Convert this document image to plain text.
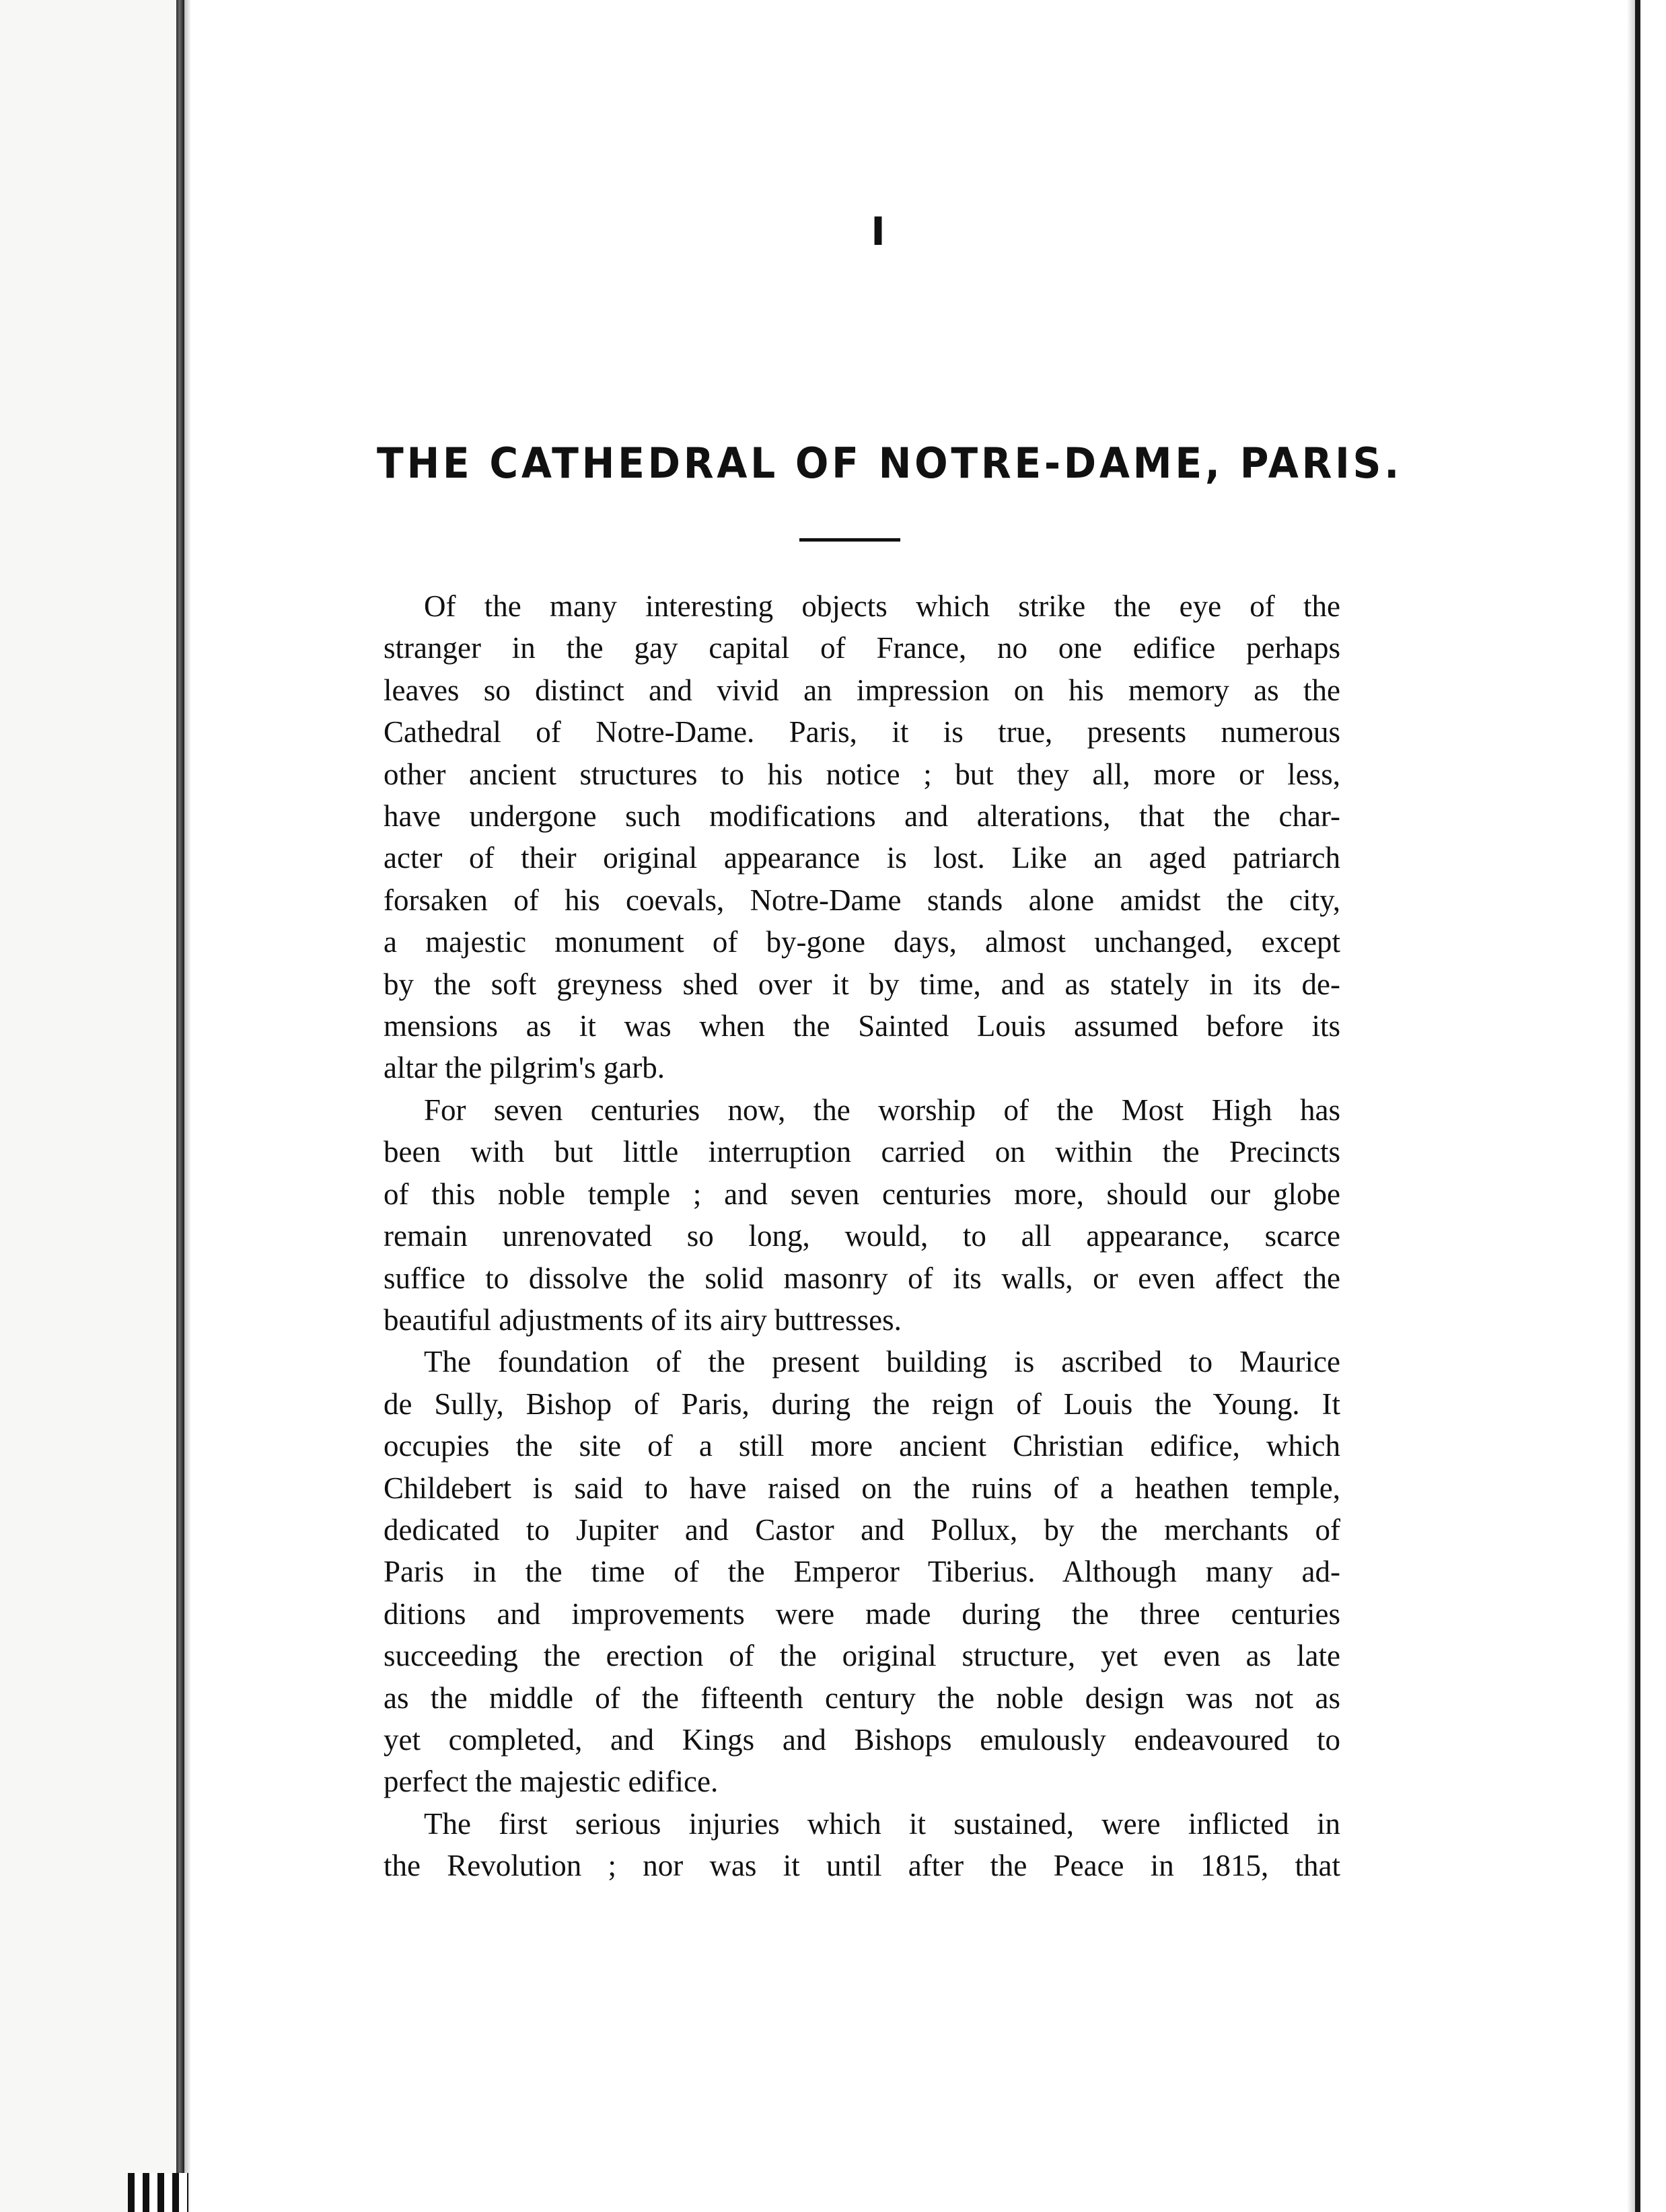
I
THE CATHEDRAL OF NOTRE-DAME, PARIS.
Of the many interesting objects which strike the eye of the
stranger in the gay capital of France, no one edifice perhaps
leaves so distinct and vivid an impression on his memory as the
Cathedral of Notre-Dame. Paris, it is true, presents numerous
other ancient structures to his notice ; but they all, more or less,
have undergone such modifications and alterations, that the char-
acter of their original appearance is lost. Like an aged patriarch
forsaken of his coevals, Notre-Dame stands alone amidst the city,
a majestic monument of by-gone days, almost unchanged, except
by the soft greyness shed over it by time, and as stately in its de-
mensions as it was when the Sainted Louis assumed before its
altar the pilgrim's garb.
For seven centuries now, the worship of the Most High has
been with but little interruption carried on within the Precincts
of this noble temple ; and seven centuries more, should our globe
remain unrenovated so long, would, to all appearance, scarce
suffice to dissolve the solid masonry of its walls, or even affect the
beautiful adjustments of its airy buttresses.
The foundation of the present building is ascribed to Maurice
de Sully, Bishop of Paris, during the reign of Louis the Young. It
occupies the site of a still more ancient Christian edifice, which
Childebert is said to have raised on the ruins of a heathen temple,
dedicated to Jupiter and Castor and Pollux, by the merchants of
Paris in the time of the Emperor Tiberius. Although many ad-
ditions and improvements were made during the three centuries
succeeding the erection of the original structure, yet even as late
as the middle of the fifteenth century the noble design was not as
yet completed, and Kings and Bishops emulously endeavoured to
perfect the majestic edifice.
The first serious injuries which it sustained, were inflicted in
the Revolution ; nor was it until after the Peace in 1815, that
